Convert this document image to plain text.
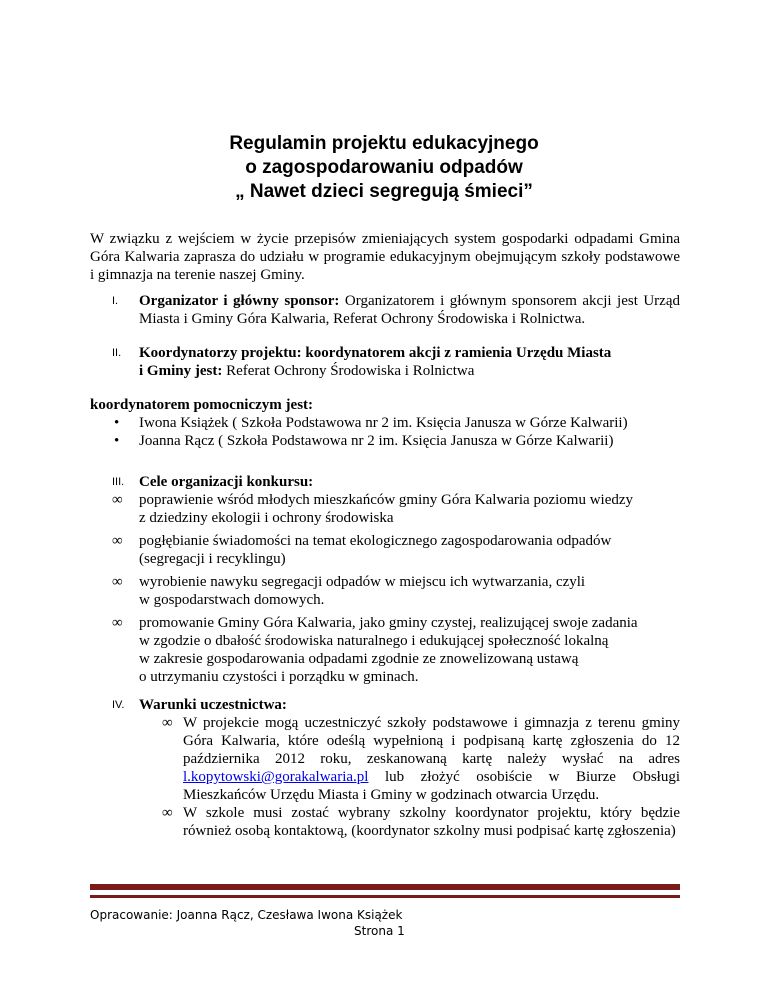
Regulamin projektu edukacyjnego
o zagospodarowaniu odpadów
„ Nawet dzieci segregują śmieci”
W związku z wejściem w życie przepisów zmieniających system gospodarki odpadami Gmina Góra Kalwaria zaprasza do udziału w programie edukacyjnym obejmującym szkoły podstawowe i gimnazja na terenie naszej Gminy.
I. Organizator i główny sponsor: Organizatorem i głównym sponsorem akcji jest Urząd Miasta i Gminy Góra Kalwaria, Referat Ochrony Środowiska i Rolnictwa.
II. Koordynatorzy projektu: koordynatorem akcji z ramienia Urzędu Miasta
i Gminy jest: Referat Ochrony Środowiska i Rolnictwa
koordynatorem pomocniczym jest:
• Iwona Książek ( Szkoła Podstawowa nr 2 im. Księcia Janusza w Górze Kalwarii)
• Joanna Rącz ( Szkoła Podstawowa nr 2 im. Księcia Janusza w Górze Kalwarii)
III. Cele organizacji konkursu:
∞ poprawienie wśród młodych mieszkańców gminy Góra Kalwaria poziomu wiedzy
z dziedziny ekologii i ochrony środowiska
∞ pogłębianie świadomości na temat ekologicznego zagospodarowania odpadów
(segregacji i recyklingu)
∞ wyrobienie nawyku segregacji odpadów w miejscu ich wytwarzania, czyli
w gospodarstwach domowych.
∞ promowanie Gminy Góra Kalwaria, jako gminy czystej, realizującej swoje zadania
w zgodzie o dbałość środowiska naturalnego i edukującej społeczność lokalną
w zakresie gospodarowania odpadami zgodnie ze znowelizowaną ustawą
o utrzymaniu czystości i porządku w gminach.
IV. Warunki uczestnictwa:
∞ W projekcie mogą uczestniczyć szkoły podstawowe i gimnazja z terenu gminy Góra Kalwaria, które odeślą wypełnioną i podpisaną kartę zgłoszenia do 12 października 2012 roku, zeskanowaną kartę należy wysłać na adres l.kopytowski@gorakalwaria.pl lub złożyć osobiście w Biurze Obsługi Mieszkańców Urzędu Miasta i Gminy w godzinach otwarcia Urzędu.
∞ W szkole musi zostać wybrany szkolny koordynator projektu, który będzie również osobą kontaktową, (koordynator szkolny musi podpisać kartę zgłoszenia)
Opracowanie: Joanna Rącz, Czesława Iwona Książek
Strona 1
